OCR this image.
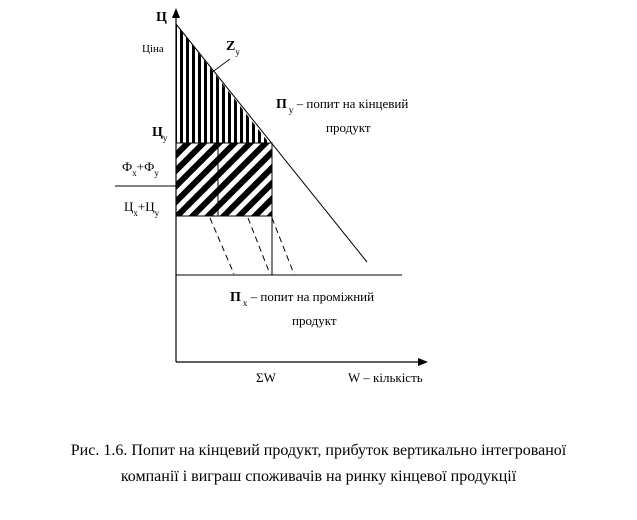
Ц
Ціна	$Z_у$
$Ц_у$
П $_у$ $^{- попит на кінцевий}$
продукт
$Ф_x^{+Ф}_у$
$Ц_x^{+Ц}_у$
П $_x$ $^{- попит на проміжний}$
продукт
ΣW	W – кількість
Рис. 1.6. Попит на кінцевий продукт, прибуток вертикально інтегрованої
компанії і виграш споживачів на ринку кінцевої продукції
